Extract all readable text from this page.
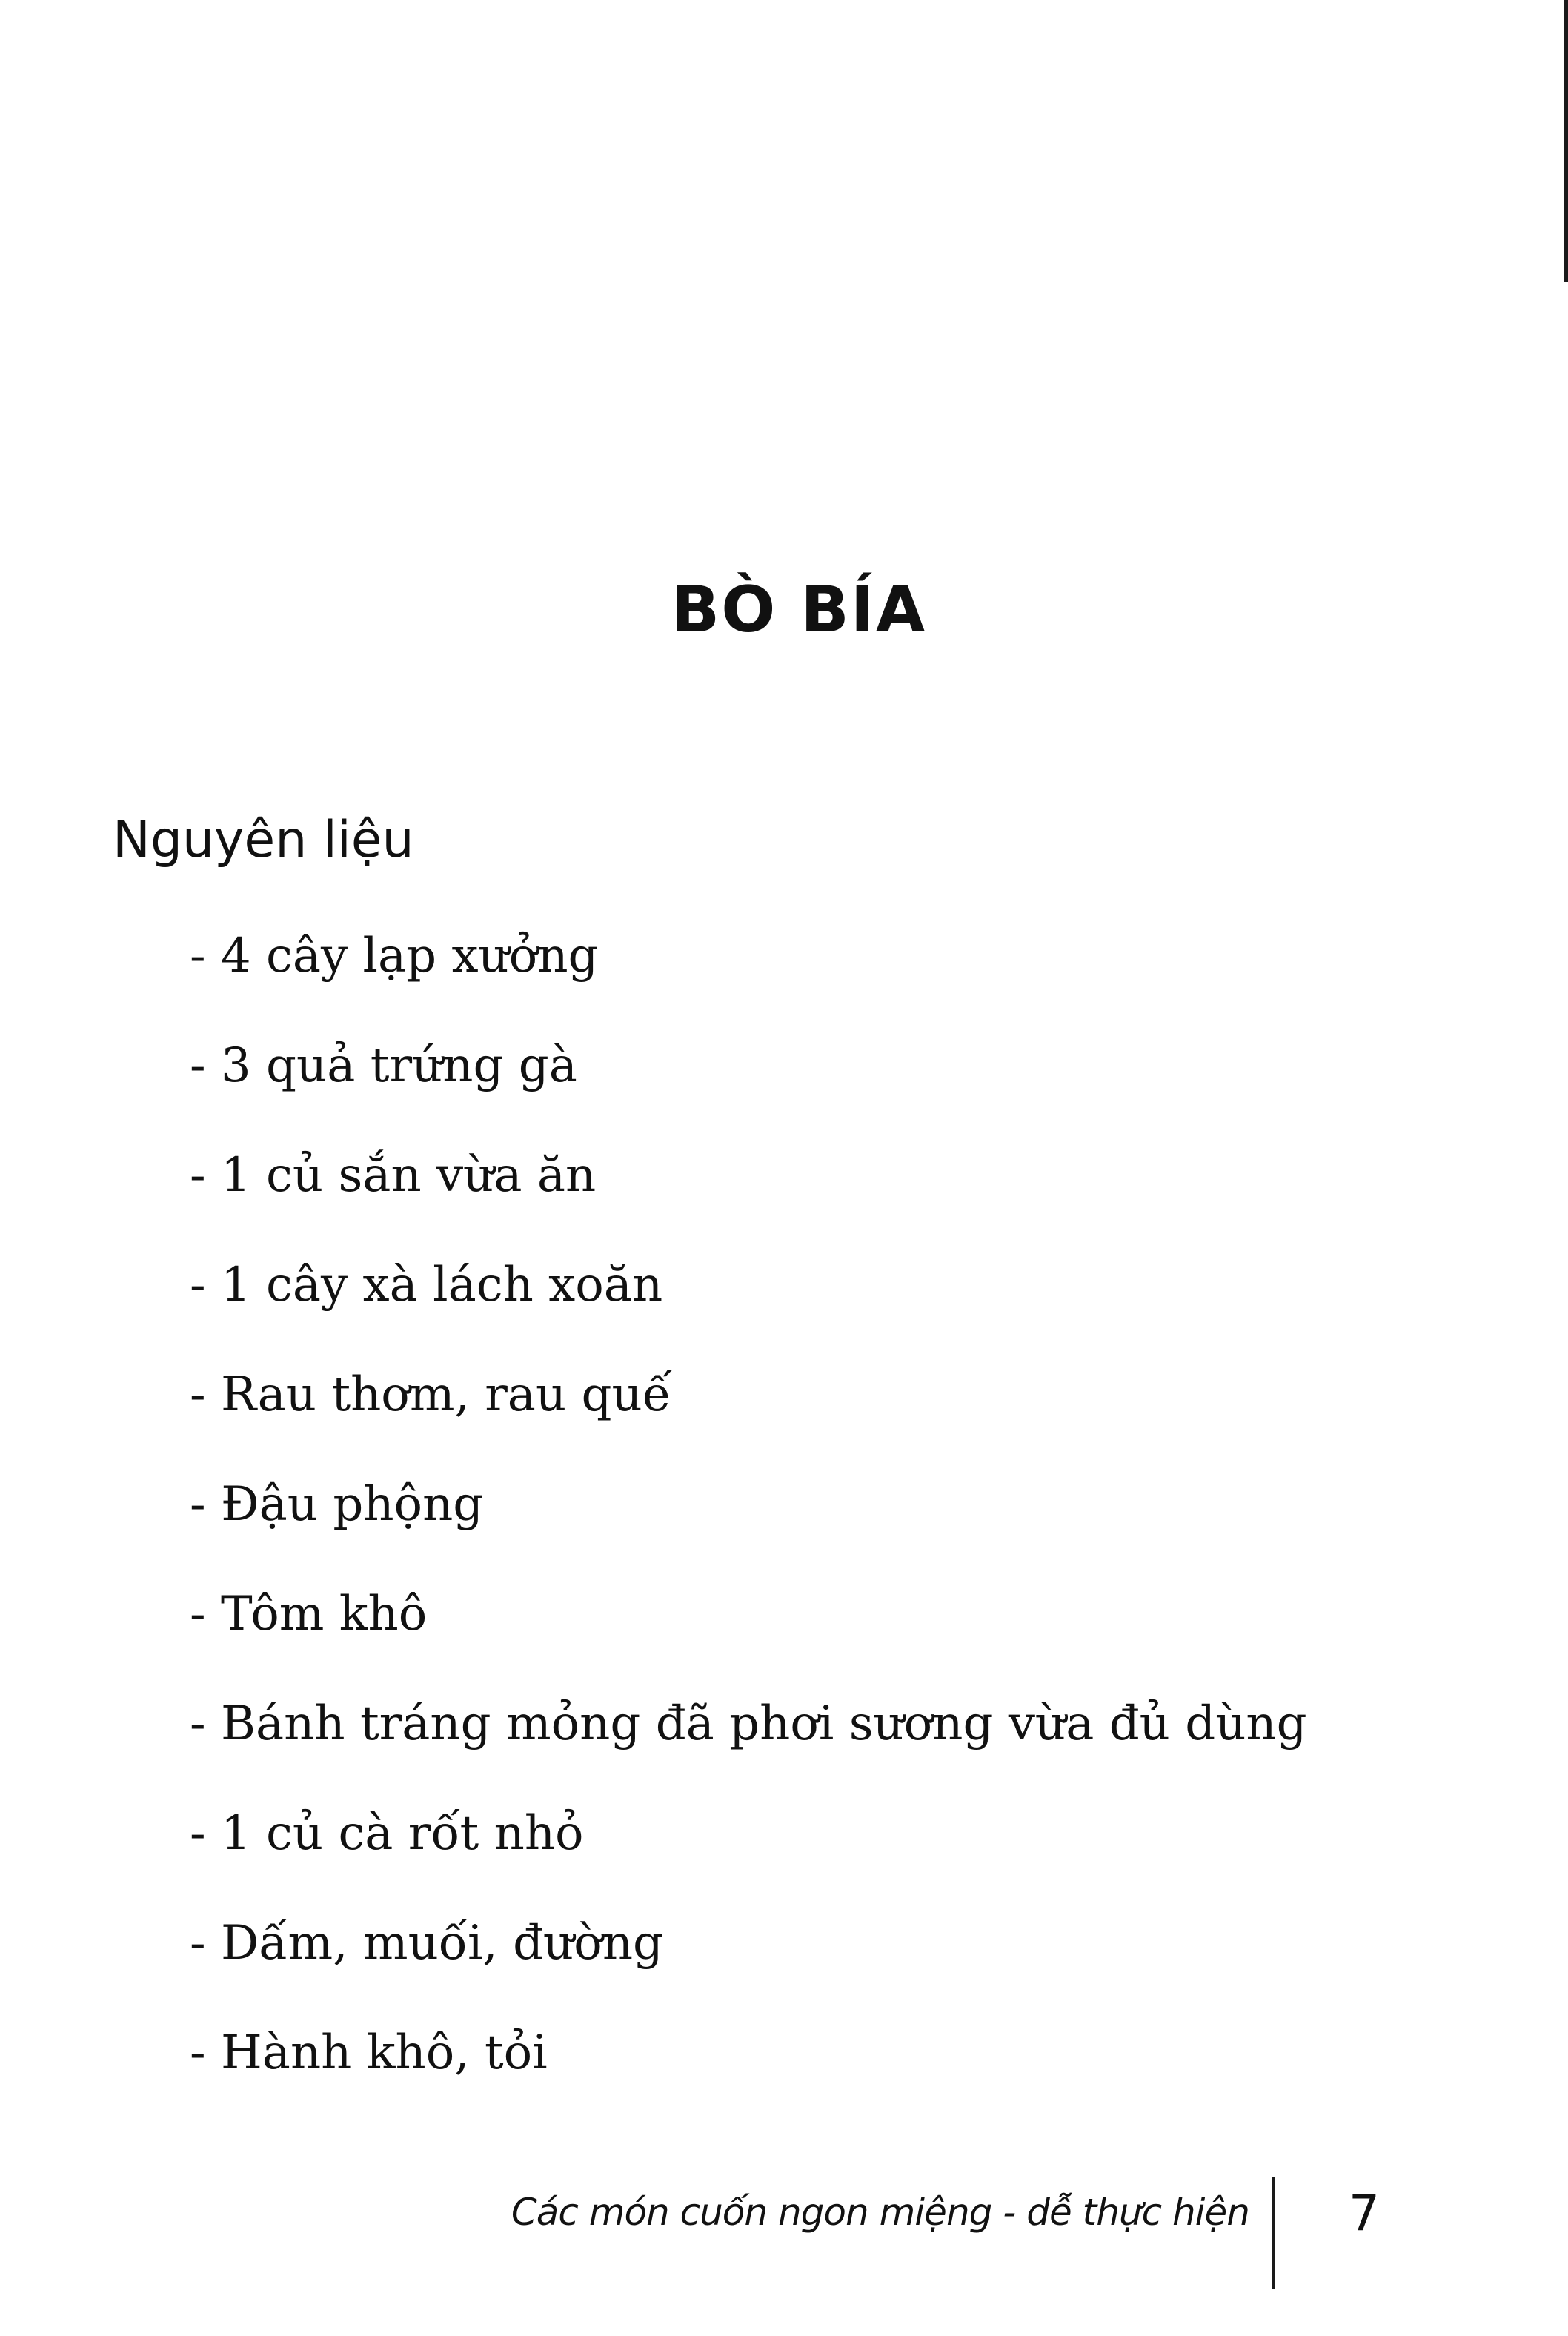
BÒ BÍA
Nguyên liệu
- 4 cây lạp xưởng
- 3 quả trứng gà
- 1 củ sắn vừa ăn
- 1 cây xà lách xoăn
- Rau thơm, rau quế
- Đậu phộng
- Tôm khô
- Bánh tráng mỏng đã phơi sương vừa đủ dùng
- 1 củ cà rốt nhỏ
- Dấm, muối, đường
- Hành khô, tỏi
Các món cuốn ngon miệng - dễ thực hiện 7
